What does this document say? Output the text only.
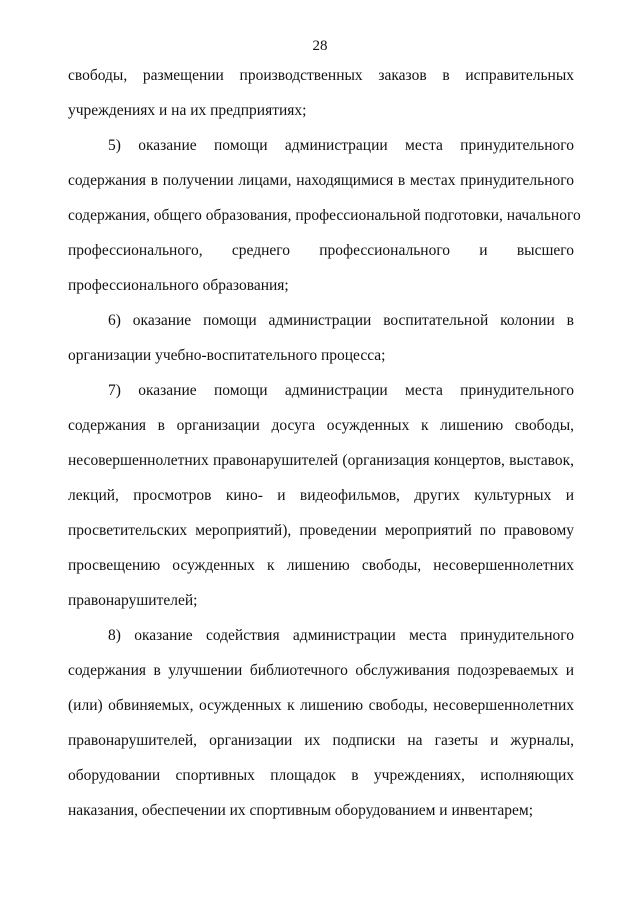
28
свободы, размещении производственных заказов в исправительных
учреждениях и на их предприятиях;
5) оказание помощи администрации места принудительного
содержания в получении лицами, находящимися в местах принудительного
содержания, общего образования, профессиональной подготовки, начального
профессионального, среднего профессионального и высшего
профессионального образования;
6) оказание помощи администрации воспитательной колонии в
организации учебно-воспитательного процесса;
7) оказание помощи администрации места принудительного
содержания в организации досуга осужденных к лишению свободы,
несовершеннолетних правонарушителей (организация концертов, выставок,
лекций, просмотров кино- и видеофильмов, других культурных и
просветительских мероприятий), проведении мероприятий по правовому
просвещению осужденных к лишению свободы, несовершеннолетних
правонарушителей;
8) оказание содействия администрации места принудительного
содержания в улучшении библиотечного обслуживания подозреваемых и
(или) обвиняемых, осужденных к лишению свободы, несовершеннолетних
правонарушителей, организации их подписки на газеты и журналы,
оборудовании спортивных площадок в учреждениях, исполняющих
наказания, обеспечении их спортивным оборудованием и инвентарем;
